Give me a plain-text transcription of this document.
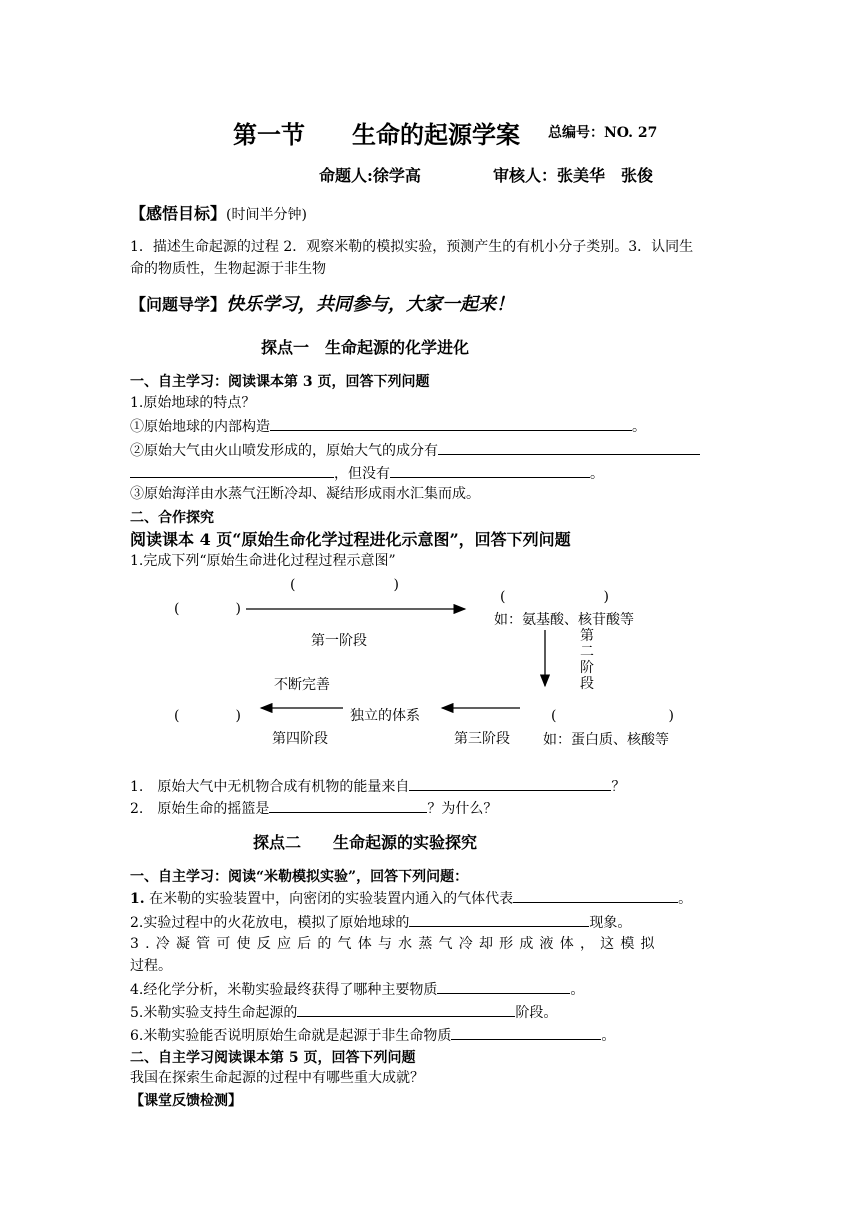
第一节 生命的起源学案 总编号：NO. 27
命题人:徐学高	审核人：张美华　张俊
【感悟目标】(时间半分钟)
1．描述生命起源的过程 2．观察米勒的模拟实验，预测产生的有机小分子类别。3．认同生
命的物质性，生物起源于非生物
【问题导学】快乐学习，共同参与，大家一起来！
探点一　生命起源的化学进化
一、自主学习：阅读课本第 3 页，回答下列问题
1.原始地球的特点？
①原始地球的内部构造	。
②原始大气由火山喷发形成的，原始大气的成分有
，但没有	。
③原始海洋由水蒸气汪断冷却、凝结形成雨水汇集而成。
二、合作探究
阅读课本 4 页“原始生命化学过程进化示意图”，回答下列问题
1.完成下列“原始生命进化过程过程示意图”
(　　　　　　　)
(　　　　)
(　　　　　　　)
如：氨基酸、核苷酸等
第一阶段	第
二
阶
段
不断完善
(　　　　)	独立的体系	(　　　　　　　　)
第四阶段	第三阶段 如：蛋白质、核酸等
1.　原始大气中无机物合成有机物的能量来自	？
2.　原始生命的摇篮是	？为什么？
探点二　　生命起源的实验探究
一、自主学习：阅读“米勒模拟实验”，回答下列问题：
1. 在米勒的实验装置中，向密闭的实验装置内通入的气体代表	。
2.实验过程中的火花放电，模拟了原始地球的	现象。
3.冷凝管可使反应后的气体与水蒸气冷却形成液体，这模拟
过程。
4.经化学分析，米勒实验最终获得了哪种主要物质	。
5.米勒实验支持生命起源的	阶段。
6.米勒实验能否说明原始生命就是起源于非生命物质	。
二、自主学习阅读课本第 5 页，回答下列问题
我国在探索生命起源的过程中有哪些重大成就？
【课堂反馈检测】
